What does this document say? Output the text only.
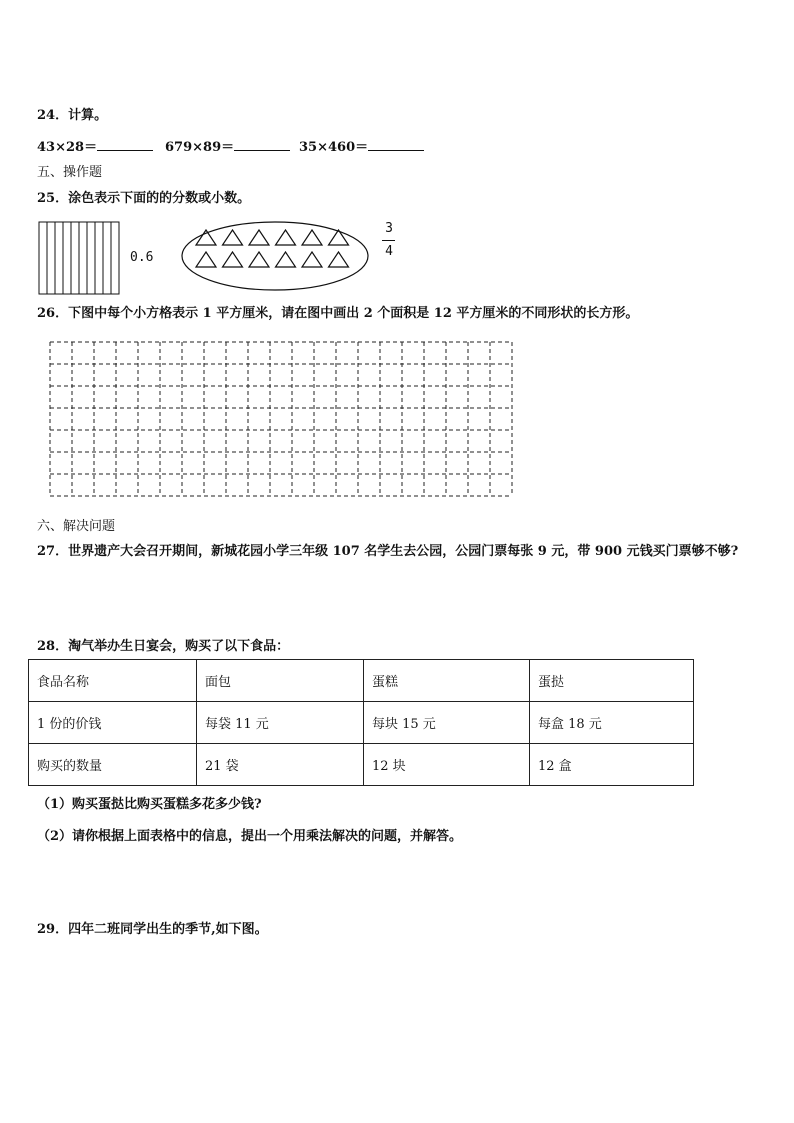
24．计算。
43×28＝	679×89＝	35×460＝
五、操作题
25．涂色表示下面的的分数或小数。
0.6
3
4
26．下图中每个小方格表示 1 平方厘米，请在图中画出 2 个面积是 12 平方厘米的不同形状的长方形。
六、解决问题
27．世界遗产大会召开期间，新城花园小学三年级 107 名学生去公园，公园门票每张 9 元，带 900 元钱买门票够不够?
28．淘气举办生日宴会，购买了以下食品：
食品名称	面包	蛋糕	蛋挞
1 份的价钱	每袋 11 元	每块 15 元	每盒 18 元
购买的数量	21 袋	12 块	12 盒
（1）购买蛋挞比购买蛋糕多花多少钱?
（2）请你根据上面表格中的信息，提出一个用乘法解决的问题，并解答。
29．四年二班同学出生的季节,如下图。
